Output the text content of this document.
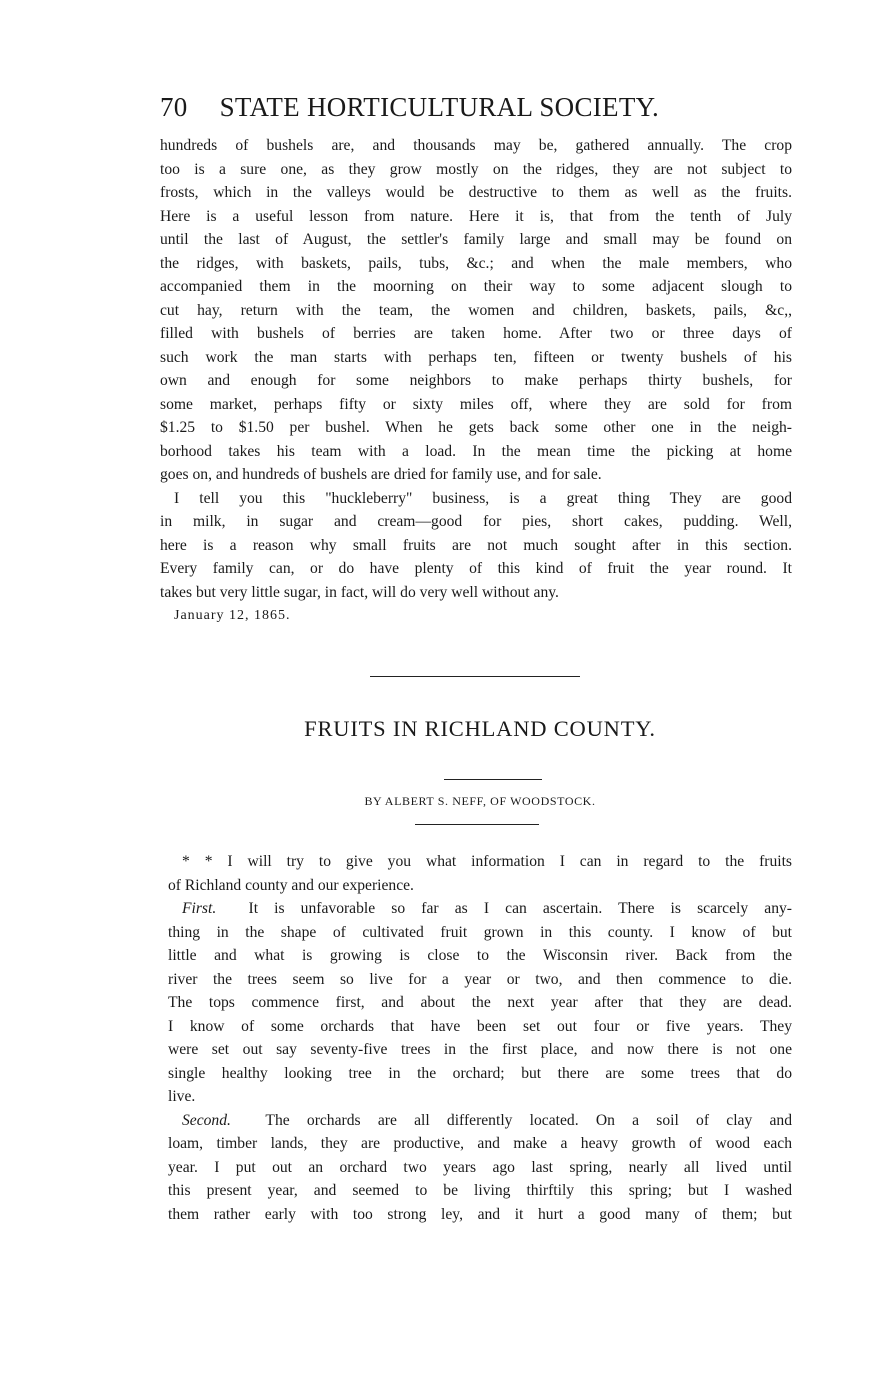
70 STATE HORTICULTURAL SOCIETY.
hundreds of bushels are, and thousands may be, gathered annually. The crop
too is a sure one, as they grow mostly on the ridges, they are not subject to
frosts, which in the valleys would be destructive to them as well as the fruits.
Here is a useful lesson from nature. Here it is, that from the tenth of July
until the last of August, the settler's family large and small may be found on
the ridges, with baskets, pails, tubs, &c.; and when the male members, who
accompanied them in the moorning on their way to some adjacent slough to
cut hay, return with the team, the women and children, baskets, pails, &c,,
filled with bushels of berries are taken home. After two or three days of
such work the man starts with perhaps ten, fifteen or twenty bushels of his
own and enough for some neighbors to make perhaps thirty bushels, for
some market, perhaps fifty or sixty miles off, where they are sold for from
$1.25 to $1.50 per bushel. When he gets back some other one in the neigh-
borhood takes his team with a load. In the mean time the picking at home
goes on, and hundreds of bushels are dried for family use, and for sale.
I tell you this "huckleberry" business, is a great thing They are good
in milk, in sugar and cream—good for pies, short cakes, pudding. Well,
here is a reason why small fruits are not much sought after in this section.
Every family can, or do have plenty of this kind of fruit the year round. It
takes but very little sugar, in fact, will do very well without any.
January 12, 1865.
FRUITS IN RICHLAND COUNTY.
BY ALBERT S. NEFF, OF WOODSTOCK.
* * I will try to give you what information I can in regard to the fruits
of Richland county and our experience.
First. It is unfavorable so far as I can ascertain. There is scarcely any-
thing in the shape of cultivated fruit grown in this county. I know of but
little and what is growing is close to the Wisconsin river. Back from the
river the trees seem so live for a year or two, and then commence to die.
The tops commence first, and about the next year after that they are dead.
I know of some orchards that have been set out four or five years. They
were set out say seventy-five trees in the first place, and now there is not one
single healthy looking tree in the orchard; but there are some trees that do
live.
Second. The orchards are all differently located. On a soil of clay and
loam, timber lands, they are productive, and make a heavy growth of wood each
year. I put out an orchard two years ago last spring, nearly all lived until
this present year, and seemed to be living thirftily this spring; but I washed
them rather early with too strong ley, and it hurt a good many of them; but
